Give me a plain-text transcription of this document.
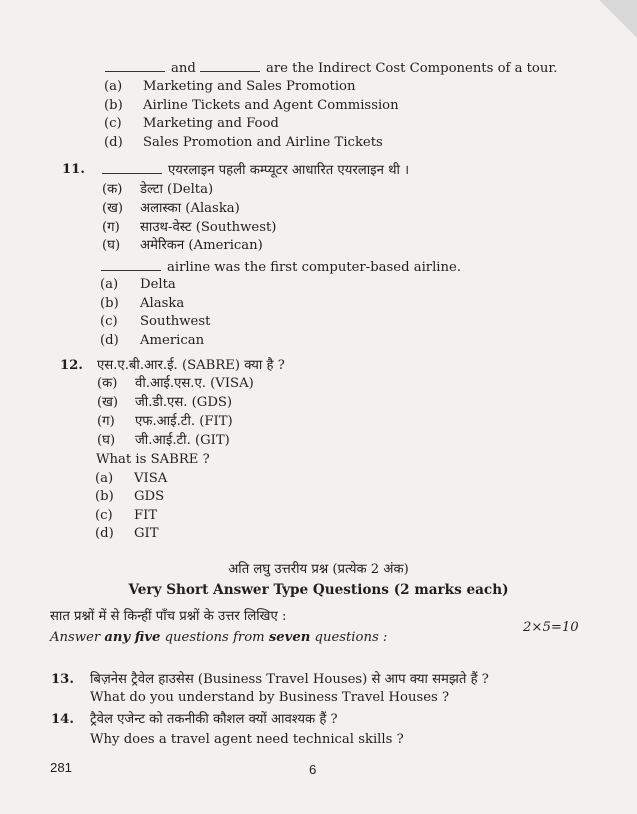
and	are the Indirect Cost Components of a tour.
(a) Marketing and Sales Promotion
(b) Airline Tickets and Agent Commission
(c) Marketing and Food
(d) Sales Promotion and Airline Tickets
11.	एयरलाइन पहली कम्प्यूटर आधारित एयरलाइन थी ।
(क) डेल्टा (Delta)
(ख) अलास्का (Alaska)
(ग) साउथ-वेस्ट (Southwest)
(घ) अमेरिकन (American)
airline was the first computer-based airline.
(a) Delta
(b) Alaska
(c) Southwest
(d) American
12. एस.ए.बी.आर.ई. (SABRE) क्या है ?
(क) वी.आई.एस.ए. (VISA)
(ख) जी.डी.एस. (GDS)
(ग) एफ.आई.टी. (FIT)
(घ) जी.आई.टी. (GIT)
What is SABRE ?
(a) VISA
(b) GDS
(c) FIT
(d) GIT
अति लघु उत्तरीय प्रश्न (प्रत्येक 2 अंक)
Very Short Answer Type Questions (2 marks each)
सात प्रश्नों में से किन्हीं पाँच प्रश्नों के उत्तर लिखिए :
Answer any five questions from seven questions :
2×5=10
13. बिज़नेस ट्रैवेल हाउसेस (Business Travel Houses) से आप क्या समझते हैं ?
What do you understand by Business Travel Houses ?
14. ट्रैवेल एजेन्ट को तकनीकी कौशल क्यों आवश्यक हैं ?
Why does a travel agent need technical skills ?
281	6
